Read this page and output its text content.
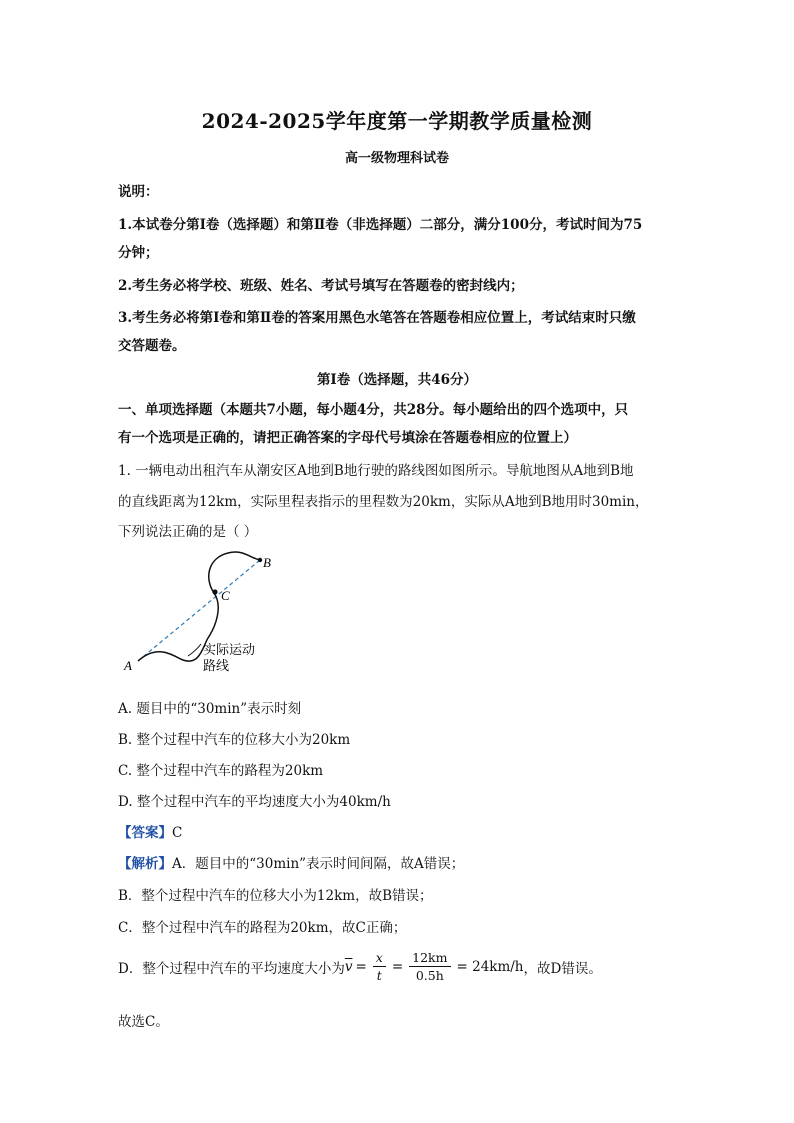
2024-2025学年度第一学期教学质量检测
高一级物理科试卷
说明：
1.本试卷分第Ⅰ卷（选择题）和第Ⅱ卷（非选择题）二部分，满分100分，考试时间为75
分钟；
2.考生务必将学校、班级、姓名、考试号填写在答题卷的密封线内；
3.考生务必将第Ⅰ卷和第Ⅱ卷的答案用黑色水笔答在答题卷相应位置上，考试结束时只缴
交答题卷。
第Ⅰ卷（选择题，共46分）
一、单项选择题（本题共7小题，每小题4分，共28分。每小题给出的四个选项中，只
有一个选项是正确的，请把正确答案的字母代号填涂在答题卷相应的位置上）
1. 一辆电动出租汽车从潮安区A地到B地行驶的路线图如图所示。导航地图从A地到B地
的直线距离为12km，实际里程表指示的里程数为20km，实际从A地到B地用时30min，
下列说法正确的是（ ）
A
B
C
实际运动
路线
A. 题目中的“30min”表示时刻
B. 整个过程中汽车的位移大小为20km
C. 整个过程中汽车的路程为20km
D. 整个过程中汽车的平均速度大小为40km/h
【答案】C
【解析】A．题目中的“30min”表示时间间隔，故A错误；
B．整个过程中汽车的位移大小为12km，故B错误；
C．整个过程中汽车的路程为20km，故C正确；
D．整个过程中汽车的平均速度大小为 $\overline{v} = \frac{x}{t} = \frac{12km}{0.5h} = 24km/h$ ，故D错误。
故选C。
